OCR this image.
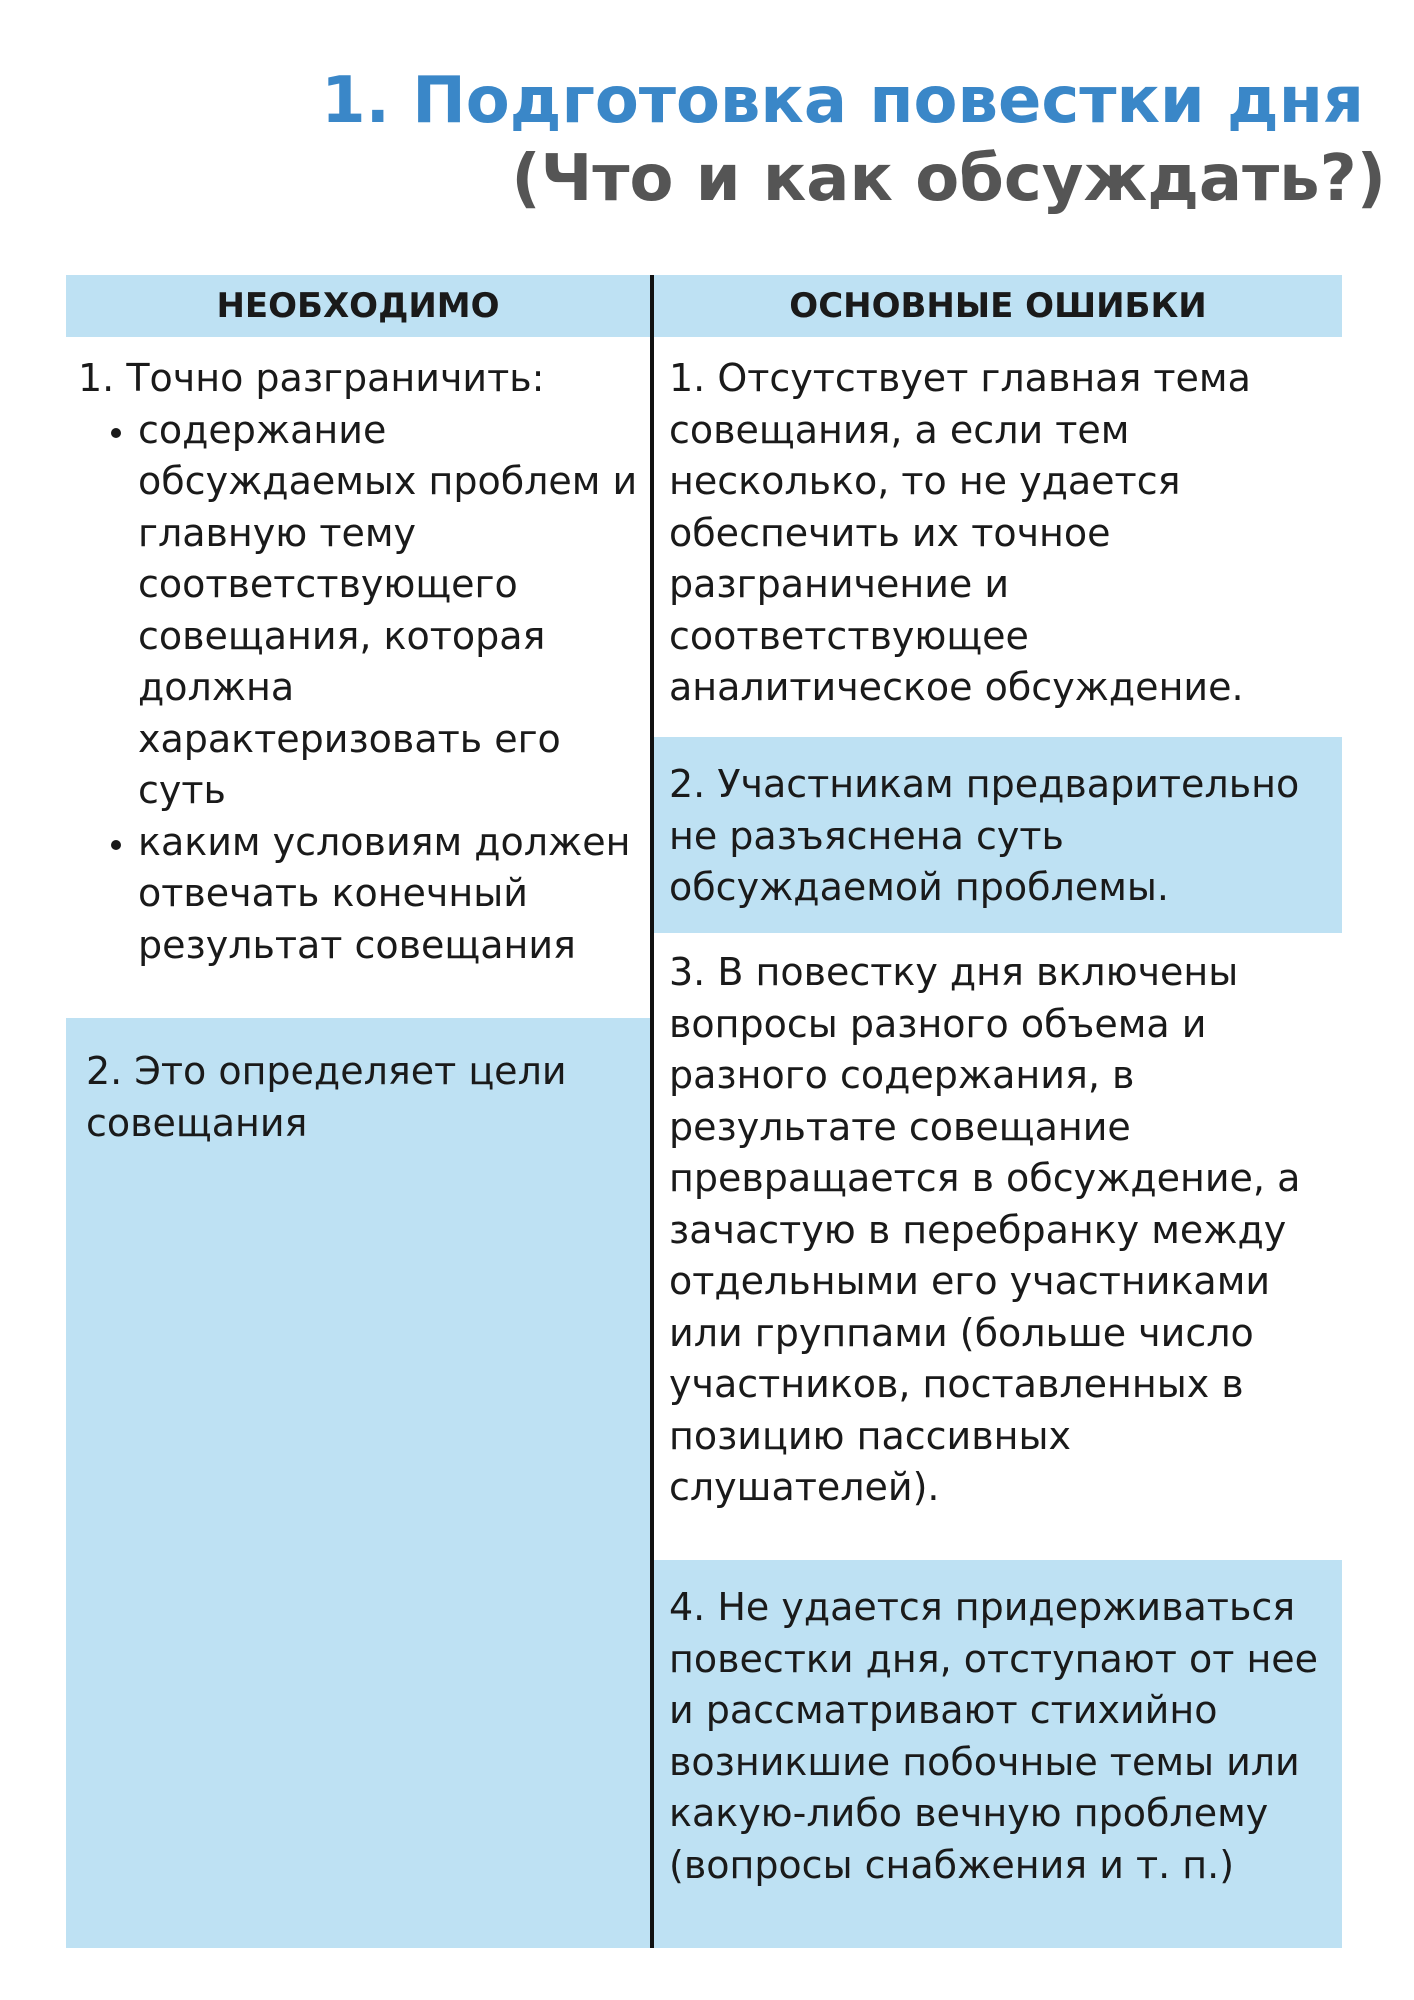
1. Подготовка повестки дня
(Что и как обсуждать?)
НЕОБХОДИМО	ОСНОВНЫЕ ОШИБКИ

1. Точно разграничить:

• содержание обсуждаемых проблем и главную тему соответствующего совещания, которая должна характеризовать его суть
• каким условиям должен отвечать конечный результат совещания

2. Это определяет цели совещания

1. Отсутствует главная тема совещания, а если тем несколько, то не удается обеспечить их точное разграничение и соответствующее аналитическое обсуждение.

2. Участникам предварительно не разъяснена суть обсуждаемой проблемы.

3. В повестку дня включены вопросы разного объема и разного содержания, в результате совещание превращается в обсуждение, а зачастую в перебранку между отдельными его участниками или группами (больше число участников, поставленных в позицию пассивных слушателей).

4. Не удается придерживаться повестки дня, отступают от нее и рассматривают стихийно возникшие побочные темы или какую-либо вечную проблему (вопросы снабжения и т. п.)
